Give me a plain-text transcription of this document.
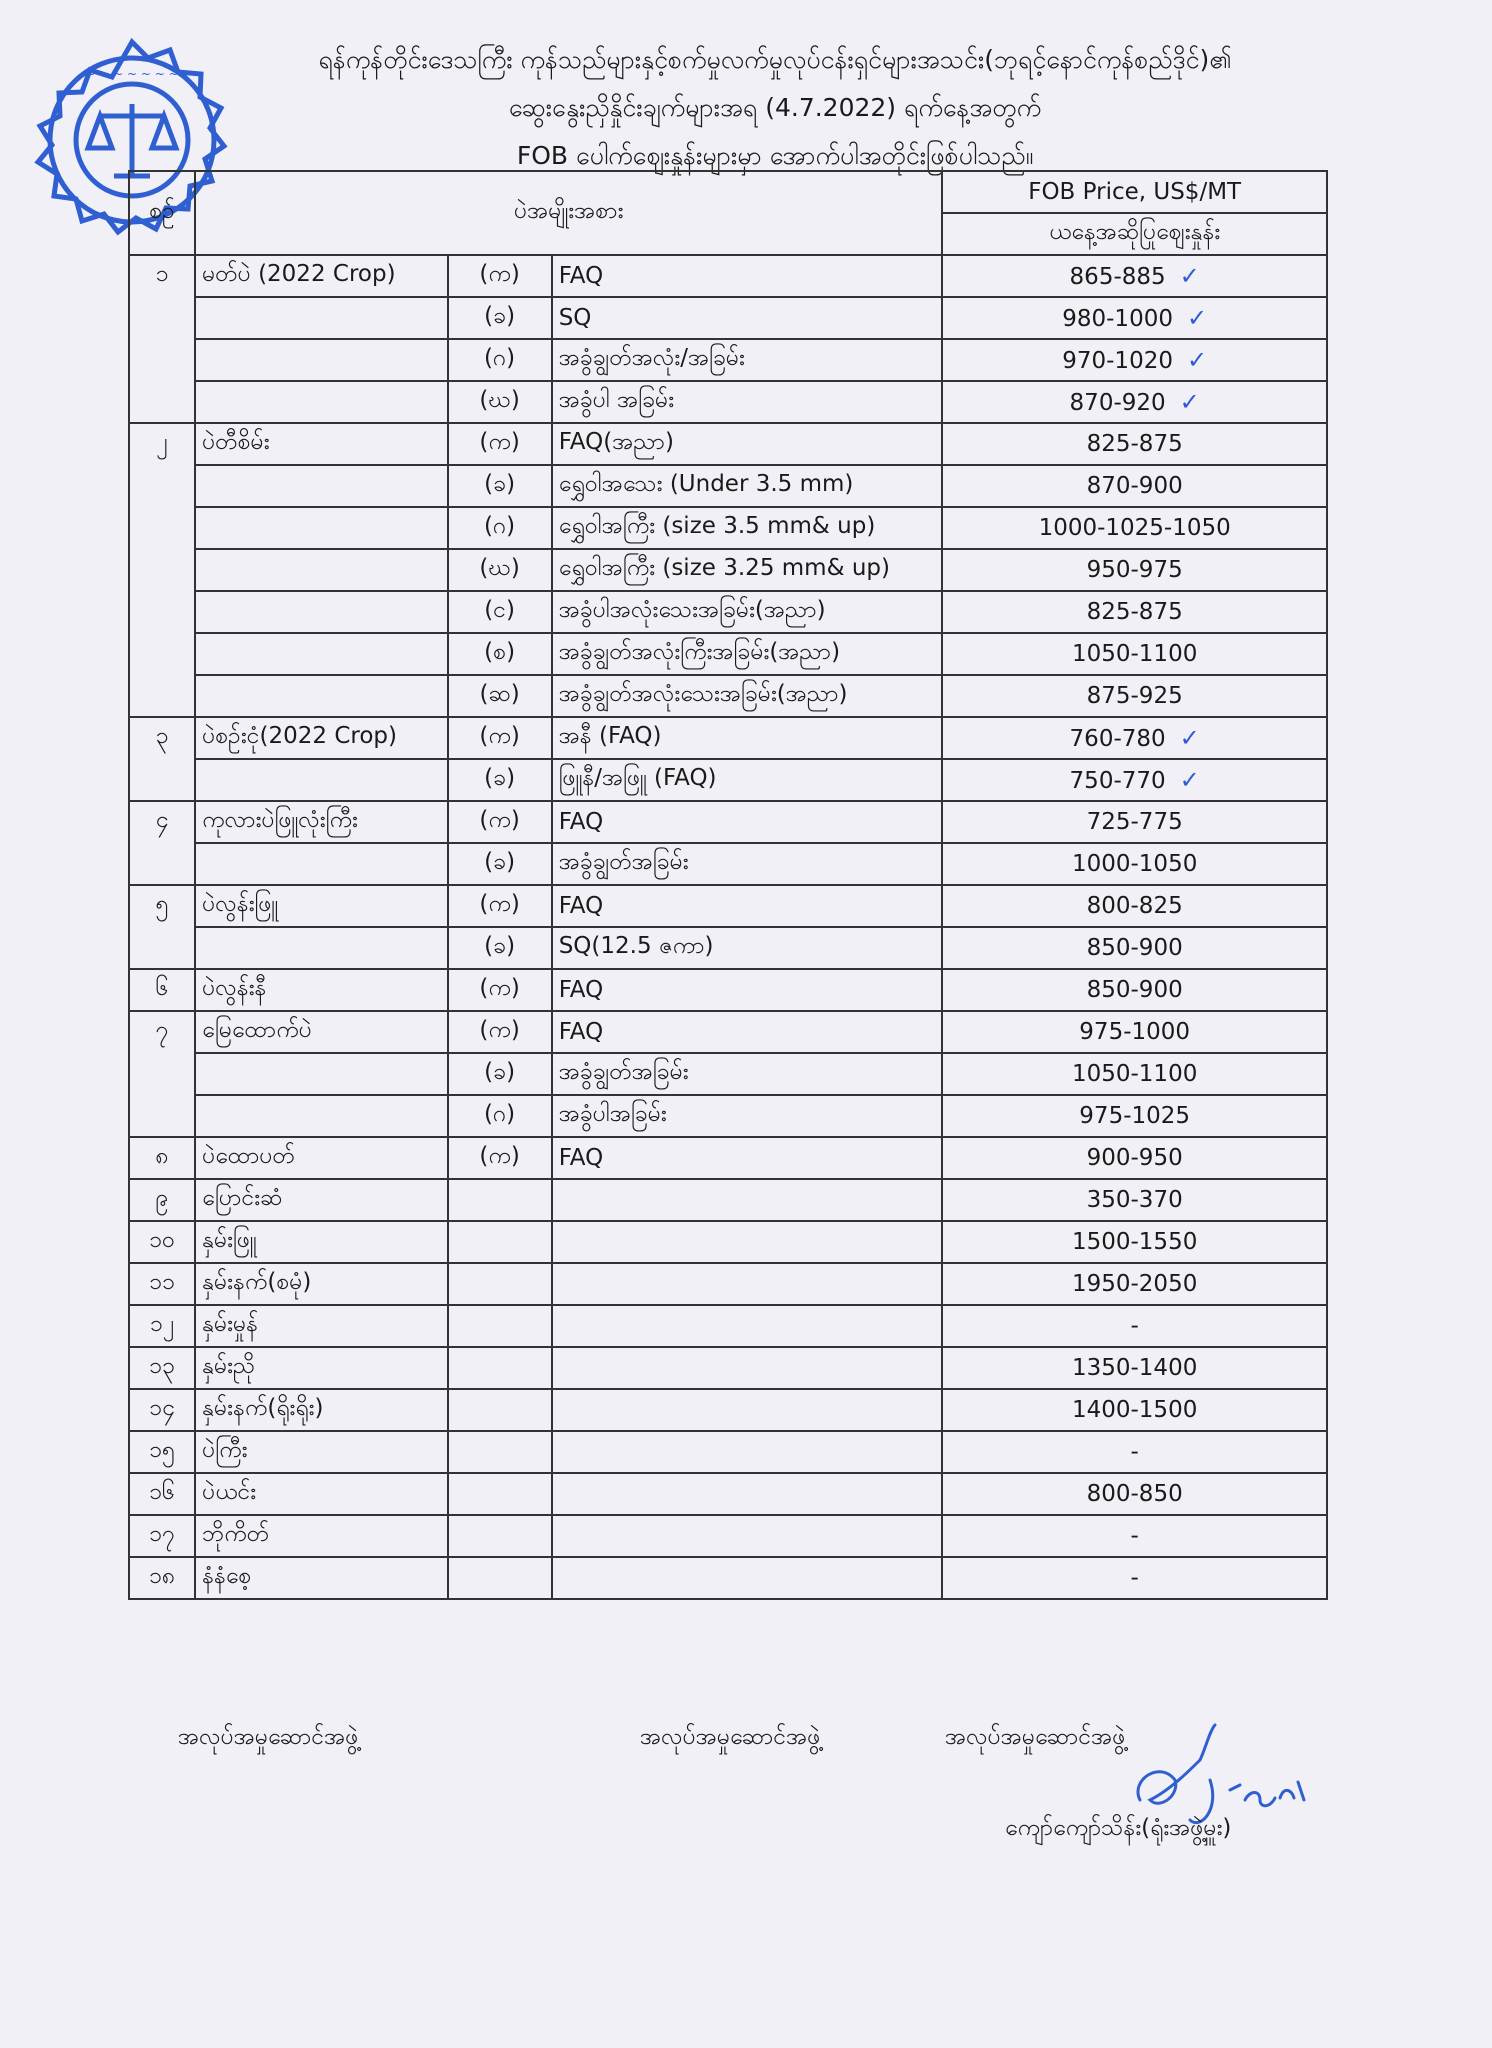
~ ~ ~ ~ ~ ~ ~	ရန်ကုန်တိုင်းဒေသကြီး ကုန်သည်များနှင့်စက်မှုလက်မှုလုပ်ငန်းရှင်များအသင်း(ဘုရင့်နောင်ကုန်စည်ဒိုင်)၏
ဆွေးနွေးညှိနှိုင်းချက်များအရ (4.7.2022) ရက်နေ့အတွက်
FOB ပေါက်ဈေးနှုန်းများမှာ အောက်ပါအတိုင်းဖြစ်ပါသည်။
စဉ်	ပဲအမျိုးအစား			FOB Price, US$/MT
				ယနေ့အဆိုပြုဈေးနှုန်း
၁	မတ်ပဲ (2022 Crop)	(က)	FAQ	865-885 ✓
		(ခ)	SQ	980-1000 ✓
		(ဂ)	အခွံချွတ်အလုံး/အခြမ်း	970-1020 ✓
		(ဃ)	အခွံပါ အခြမ်း	870-920 ✓
၂	ပဲတီစိမ်း	(က)	FAQ(အညာ)	825-875
		(ခ)	ရွှေဝါအသေး (Under 3.5 mm)	870-900
		(ဂ)	ရွှေဝါအကြီး (size 3.5 mm& up)	1000-1025-1050
		(ဃ)	ရွှေဝါအကြီး (size 3.25 mm& up)	950-975
		(င)	အခွံပါအလုံးသေးအခြမ်း(အညာ)	825-875
		(စ)	အခွံချွတ်အလုံးကြီးအခြမ်း(အညာ)	1050-1100
		(ဆ)	အခွံချွတ်အလုံးသေးအခြမ်း(အညာ)	875-925
၃	ပဲစဉ်းငုံ(2022 Crop)	(က)	အနီ (FAQ)	760-780 ✓
		(ခ)	ဖြူနီ/အဖြူ (FAQ)	750-770 ✓
၄	ကုလားပဲဖြူလုံးကြီး	(က)	FAQ	725-775
		(ခ)	အခွံချွတ်အခြမ်း	1000-1050
၅	ပဲလွန်းဖြူ	(က)	FAQ	800-825
		(ခ)	SQ(12.5 ဇကာ)	850-900
၆	ပဲလွန်းနီ	(က)	FAQ	850-900
၇	မြေထောက်ပဲ	(က)	FAQ	975-1000
		(ခ)	အခွံချွတ်အခြမ်း	1050-1100
		(ဂ)	အခွံပါအခြမ်း	975-1025
၈	ပဲထောပတ်	(က)	FAQ	900-950
၉	ပြောင်းဆံ			350-370
၁၀	နှမ်းဖြူ			1500-1550
၁၁	နှမ်းနက်(စမုံ)			1950-2050
၁၂	နှမ်းမှုန်			-
၁၃	နှမ်းညို			1350-1400
၁၄	နှမ်းနက်(ရိုးရိုး)			1400-1500
၁၅	ပဲကြီး			-
၁၆	ပဲယင်း			800-850
၁၇	ဘိုကိတ်			-
၁၈	နံနံစေ့			-
အလုပ်အမှုဆောင်အဖွဲ့	အလုပ်အမှုဆောင်အဖွဲ့	အလုပ်အမှုဆောင်အဖွဲ့
ကျော်ကျော်သိန်း(ရုံးအဖွဲ့မှူး)
